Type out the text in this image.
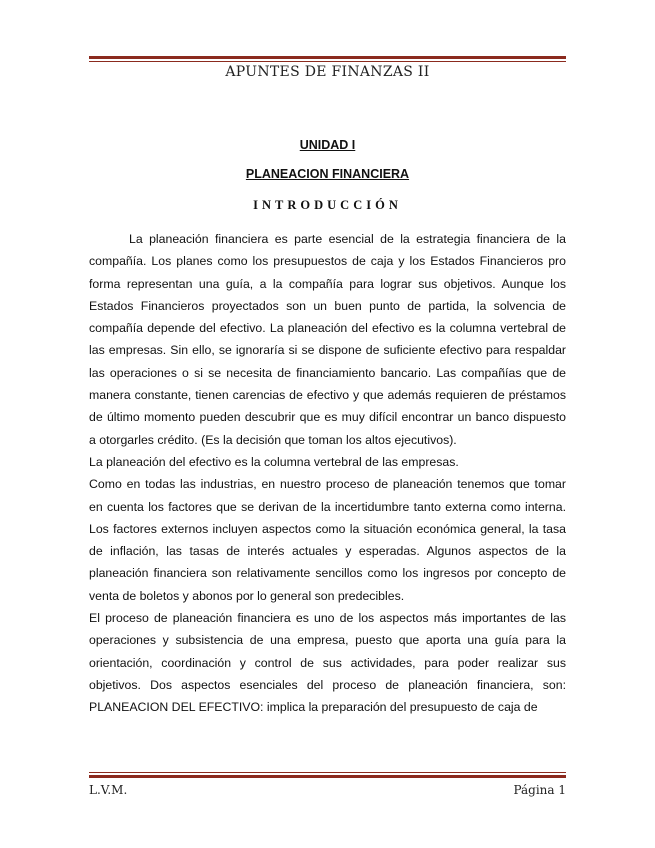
APUNTES DE FINANZAS II
UNIDAD I
PLANEACION FINANCIERA
INTRODUCCIÓN

La planeación financiera es parte esencial de la estrategia financiera de la compañía. Los planes como los presupuestos de caja y los Estados Financieros pro forma representan una guía, a la compañía para lograr sus objetivos. Aunque los Estados Financieros proyectados son un buen punto de partida, la solvencia de compañía depende del efectivo. La planeación del efectivo es la columna vertebral de las empresas. Sin ello, se ignoraría si se dispone de suficiente efectivo para respaldar las operaciones o si se necesita de financiamiento bancario. Las compañías que de manera constante, tienen carencias de efectivo y que además requieren de préstamos de último momento pueden descubrir que es muy difícil encontrar un banco dispuesto a otorgarles crédito. (Es la decisión que toman los altos ejecutivos).

La planeación del efectivo es la columna vertebral de las empresas.

Como en todas las industrias, en nuestro proceso de planeación tenemos que tomar en cuenta los factores que se derivan de la incertidumbre tanto externa como interna. Los factores externos incluyen aspectos como la situación económica general, la tasa de inflación, las tasas de interés actuales y esperadas. Algunos aspectos de la planeación financiera son relativamente sencillos como los ingresos por concepto de venta de boletos y abonos por lo general son predecibles.

El proceso de planeación financiera es uno de los aspectos más importantes de las operaciones y subsistencia de una empresa, puesto que aporta una guía para la orientación, coordinación y control de sus actividades, para poder realizar sus objetivos. Dos aspectos esenciales del proceso de planeación financiera, son: PLANEACION DEL EFECTIVO: implica la preparación del presupuesto de caja de

L.V.M.	Página 1
